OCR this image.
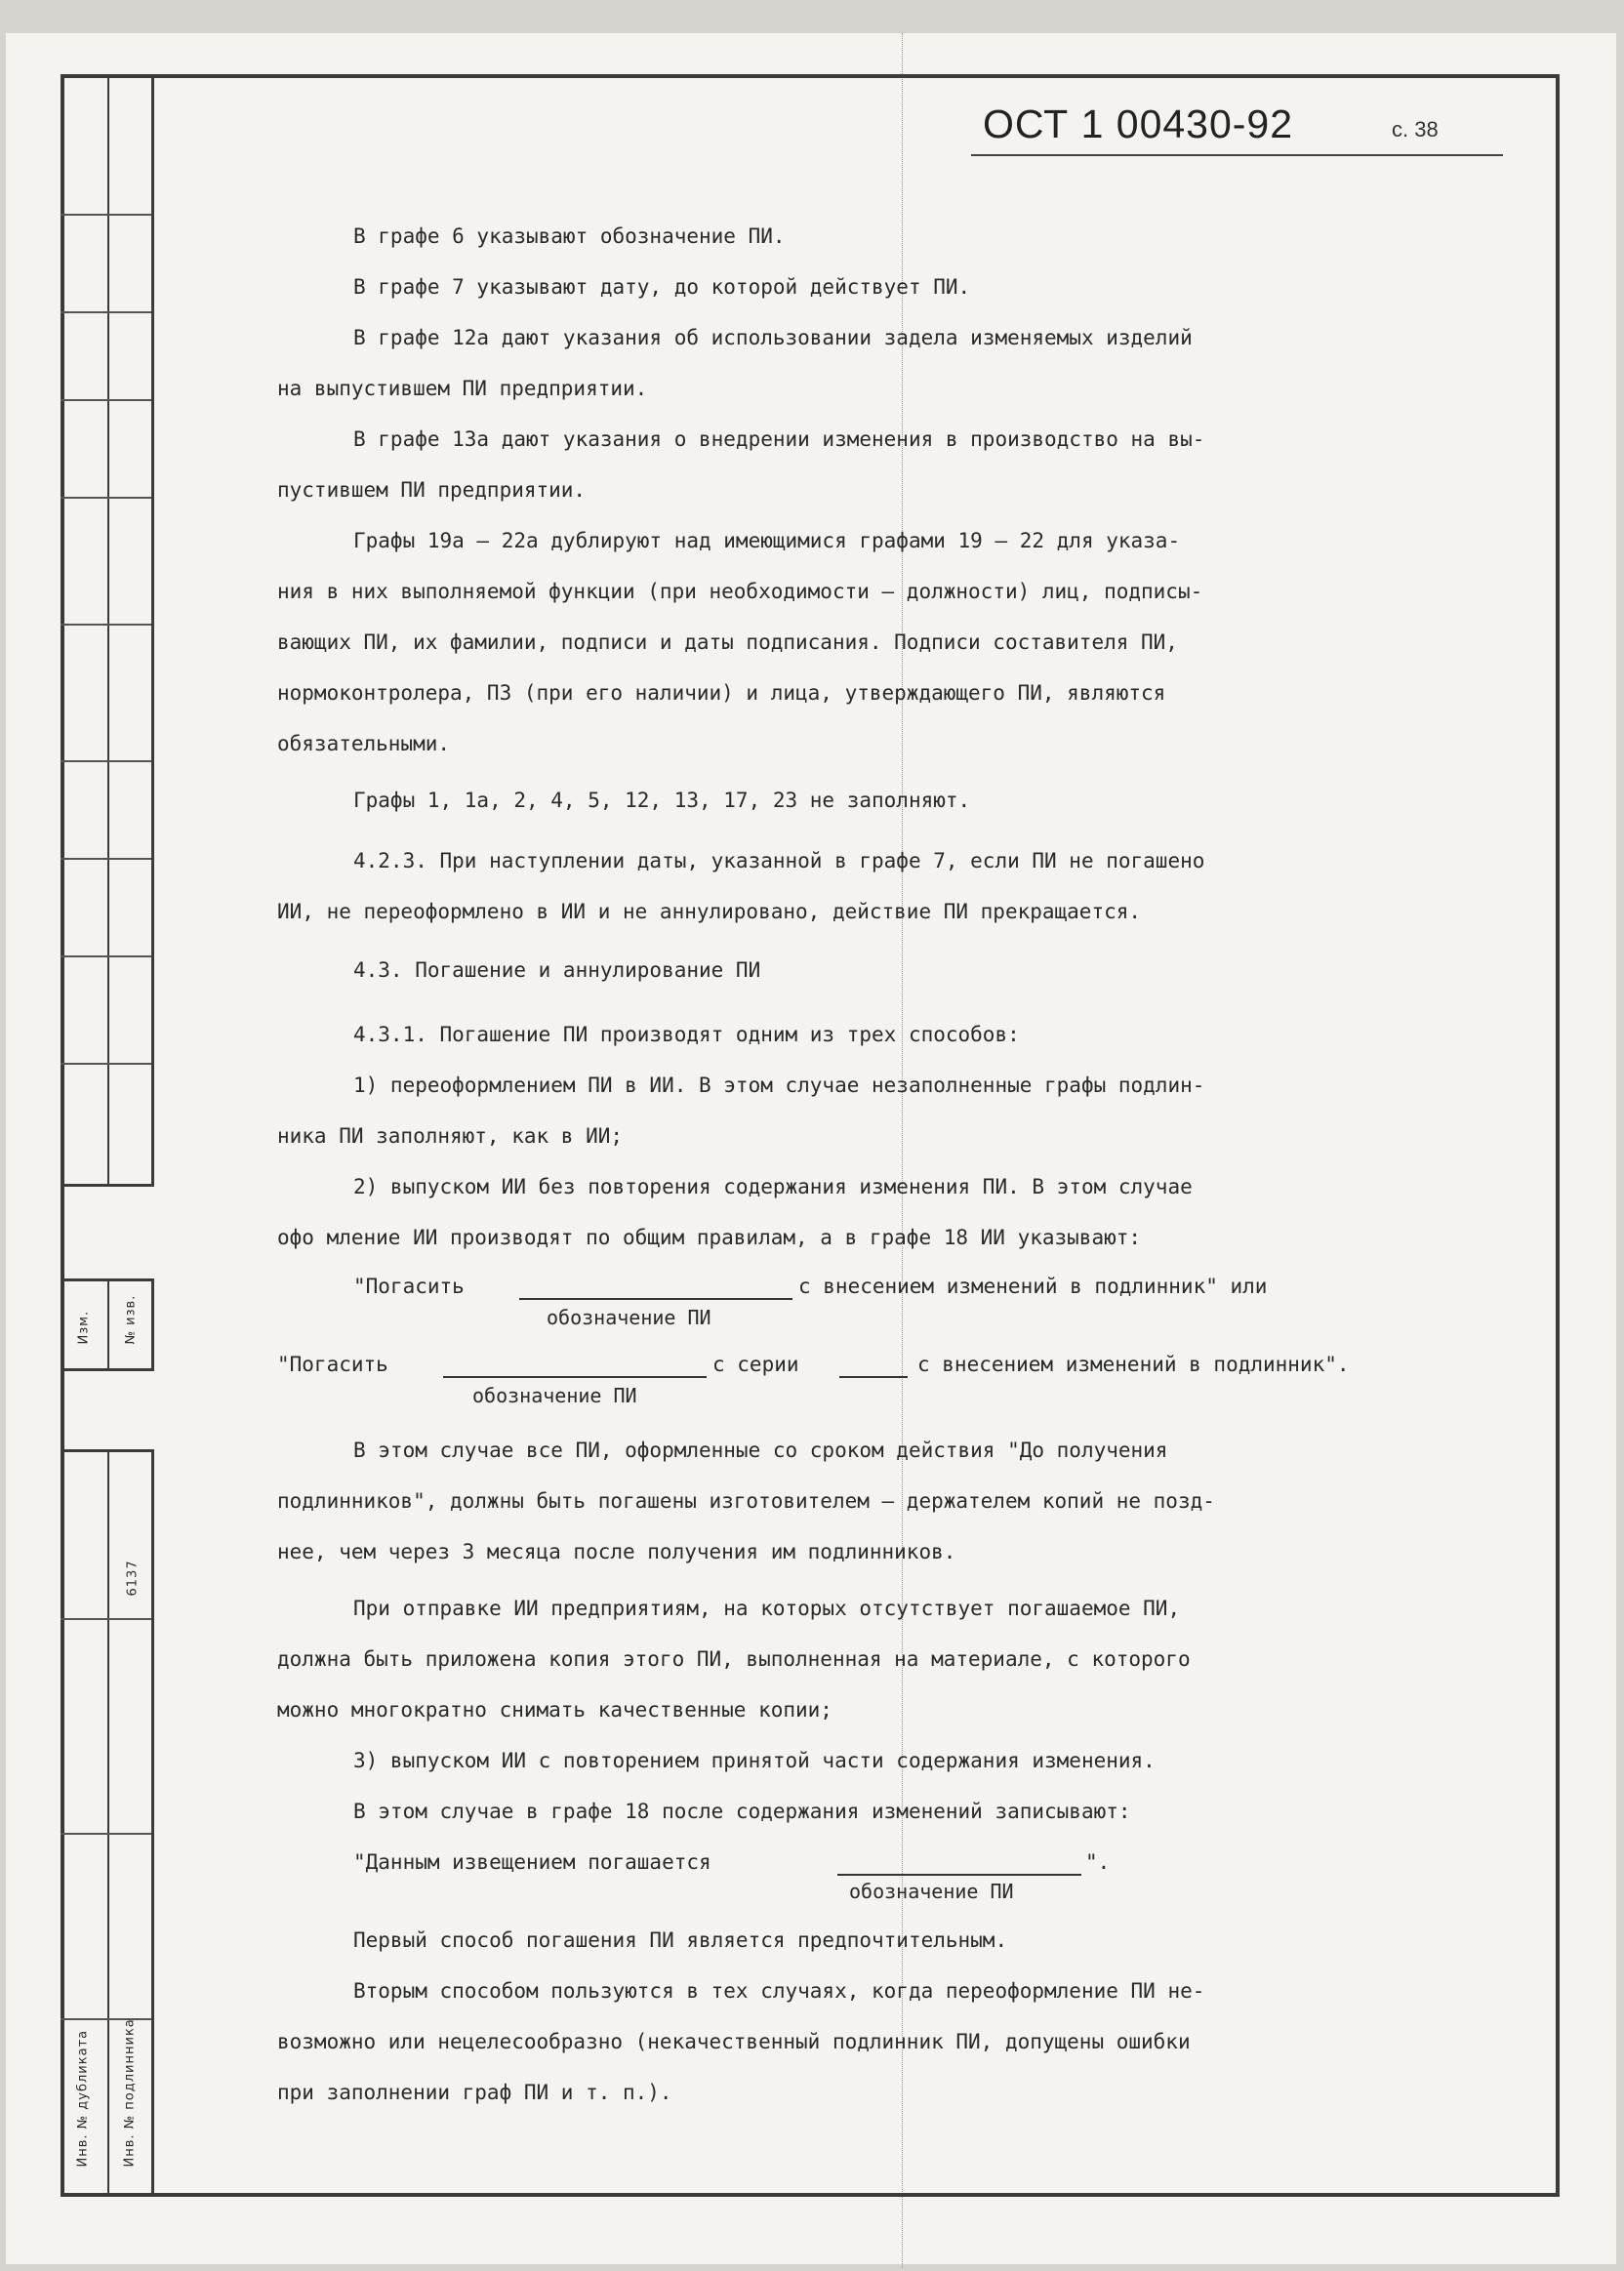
Изм.	№ изв.
6137
Инв. № дубликата	Инв. № подлинника
ОСТ 1 00430-92	с. 38
В графе 6 указывают обозначение ПИ.
В графе 7 указывают дату, до которой действует ПИ.
В графе 12а дают указания об использовании задела изменяемых изделий
на выпустившем ПИ предприятии.
В графе 13а дают указания о внедрении изменения в производство на вы-
пустившем ПИ предприятии.
Графы 19а – 22а дублируют над имеющимися графами 19 – 22 для указа-
ния в них выполняемой функции (при необходимости – должности) лиц, подписы-
вающих ПИ, их фамилии, подписи и даты подписания. Подписи составителя ПИ,
нормоконтролера, ПЗ (при его наличии) и лица, утверждающего ПИ, являются
обязательными.
Графы 1, 1а, 2, 4, 5, 12, 13, 17, 23 не заполняют.
4.2.3. При наступлении даты, указанной в графе 7, если ПИ не погашено
ИИ, не переоформлено в ИИ и не аннулировано, действие ПИ прекращается.
4.3. Погашение и аннулирование ПИ
4.3.1. Погашение ПИ производят одним из трех способов:
1) переоформлением ПИ в ИИ. В этом случае незаполненные графы подлин-
ника ПИ заполняют, как в ИИ;
2) выпуском ИИ без повторения содержания изменения ПИ. В этом случае
офо мление ИИ производят по общим правилам, а в графе 18 ИИ указывают:
"Погасить	с внесением изменений в подлинник" или
обозначение ПИ
"Погасить	с серии	с внесением изменений в подлинник".
обозначение ПИ
В этом случае все ПИ, оформленные со сроком действия "До получения
подлинников", должны быть погашены изготовителем – держателем копий не позд-
нее, чем через 3 месяца после получения им подлинников.
При отправке ИИ предприятиям, на которых отсутствует погашаемое ПИ,
должна быть приложена копия этого ПИ, выполненная на материале, с которого
можно многократно снимать качественные копии;
3) выпуском ИИ с повторением принятой части содержания изменения.
В этом случае в графе 18 после содержания изменений записывают:
"Данным извещением погашается	".
обозначение ПИ
Первый способ погашения ПИ является предпочтительным.
Вторым способом пользуются в тех случаях, когда переоформление ПИ не-
возможно или нецелесообразно (некачественный подлинник ПИ, допущены ошибки
при заполнении граф ПИ и т. п.).
